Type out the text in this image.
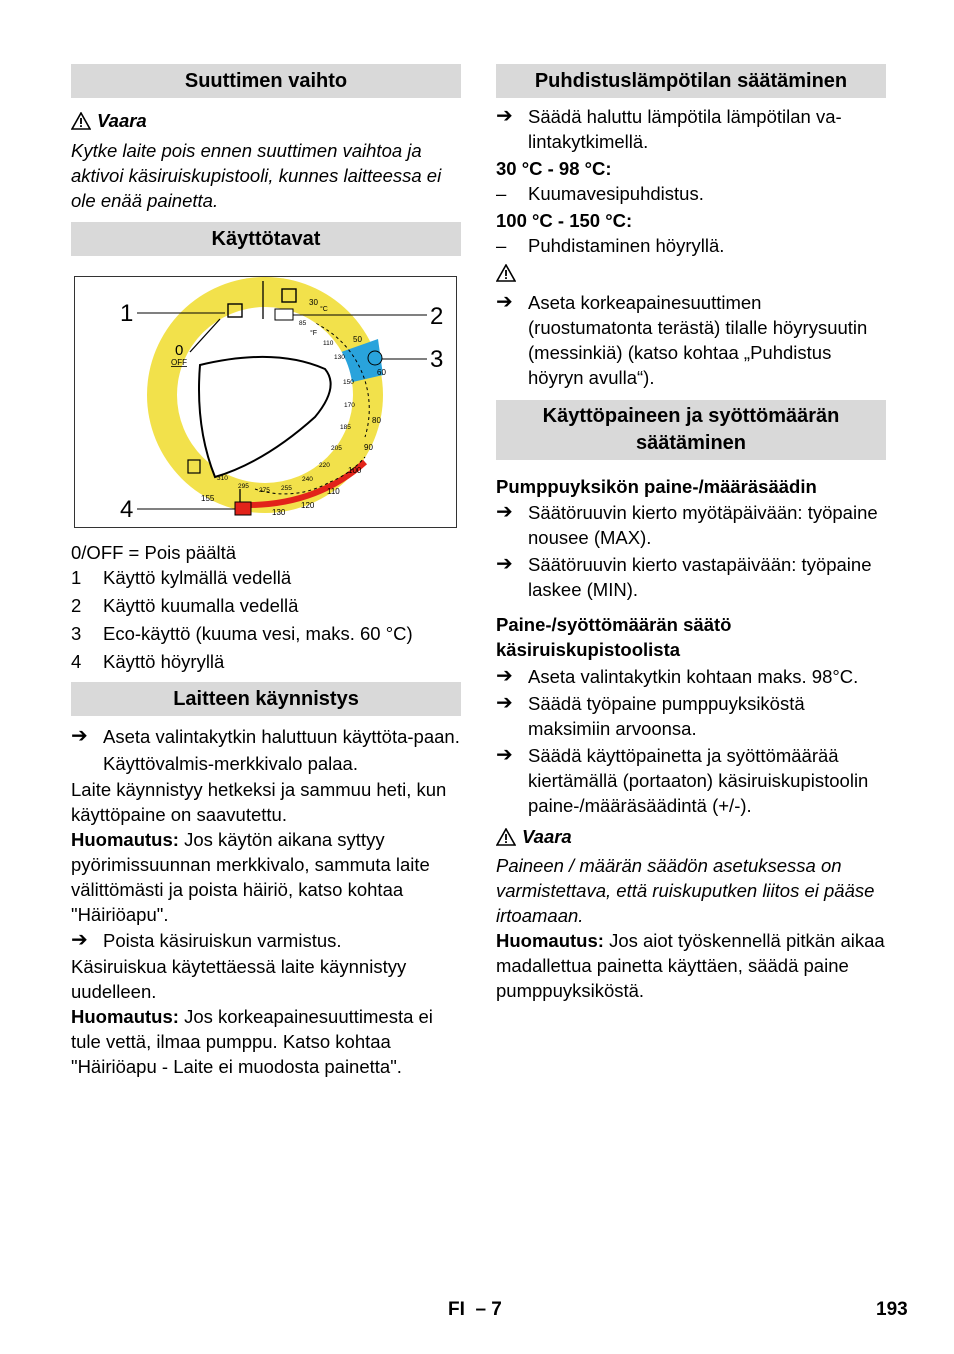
Suuttimen vaihto
Vaara

Kytke laite pois ennen suuttimen vaihtoa ja aktivoi käsiruiskupistooli, kunnes laitteessa ei ole enää painetta.

Käyttötavat
1	2
3
4
0
OFF
°C
°F
30
50
60
80
90
100
110
120
130
155
85
110
130
150
170
185
205
220
240
255
275
295
310

0/OFF = Pois päältä

1	Käyttö kylmällä vedellä
2	Käyttö kuumalla vedellä
3	Eco-käyttö (kuuma vesi, maks. 60 °C)
4	Käyttö höyryllä
Laitteen käynnistys
➔ Aseta valintakytkin haluttuun käyttöta-paan.

Käyttövalmis-merkkivalo palaa.

Laite käynnistyy hetkeksi ja sammuu heti, kun käyttöpaine on saavutettu.

Huomautus: Jos käytön aikana syttyy pyörimissuunnan merkkivalo, sammuta laite välittömästi ja poista häiriö, katso kohtaa "Häiriöapu".

➔ Poista käsiruiskun varmistus.

Käsiruiskua käytettäessä laite käynnistyy uudelleen.

Huomautus: Jos korkeapainesuuttimesta ei tule vettä, ilmaa pumppu. Katso kohtaa "Häiriöapu - Laite ei muodosta painetta".

Puhdistuslämpötilan säätäminen
➔ Säädä haluttu lämpötila lämpötilan va-lintakytkimellä.

30 °C - 98 °C:

–	Kuumavesipuhdistus.

100 °C - 150 °C:

–	Puhdistaminen höyryllä.
➔ Aseta korkeapainesuuttimen (ruostumatonta terästä) tilalle höyrysuutin (messinkiä) (katso kohtaa „Puhdistus höyryn avulla“).
Käyttöpaineen ja syöttömäärän säätäminen

Pumppuyksikön paine-/määräsäädin

➔ Säätöruuvin kierto myötäpäivään: työpaine nousee (MAX).
➔ Säätöruuvin kierto vastapäivään: työpaine laskee (MIN).

Paine-/syöttömäärän säätö käsiruiskupistoolista

➔ Aseta valintakytkin kohtaan maks. 98°C.
➔ Säädä työpaine pumppuyksiköstä maksimiin arvoonsa.
➔ Säädä käyttöpainetta ja syöttömäärää kiertämällä (portaaton) käsiruiskupistoolin paine-/määräsäädintä (+/-).
Vaara

Paineen / määrän säädön asetuksessa on varmistettava, että ruiskuputken liitos ei pääse irtoamaan.

Huomautus: Jos aiot työskennellä pitkän aikaa madallettua painetta käyttäen, säädä paine pumppuyksiköstä.

FI – 7	193
